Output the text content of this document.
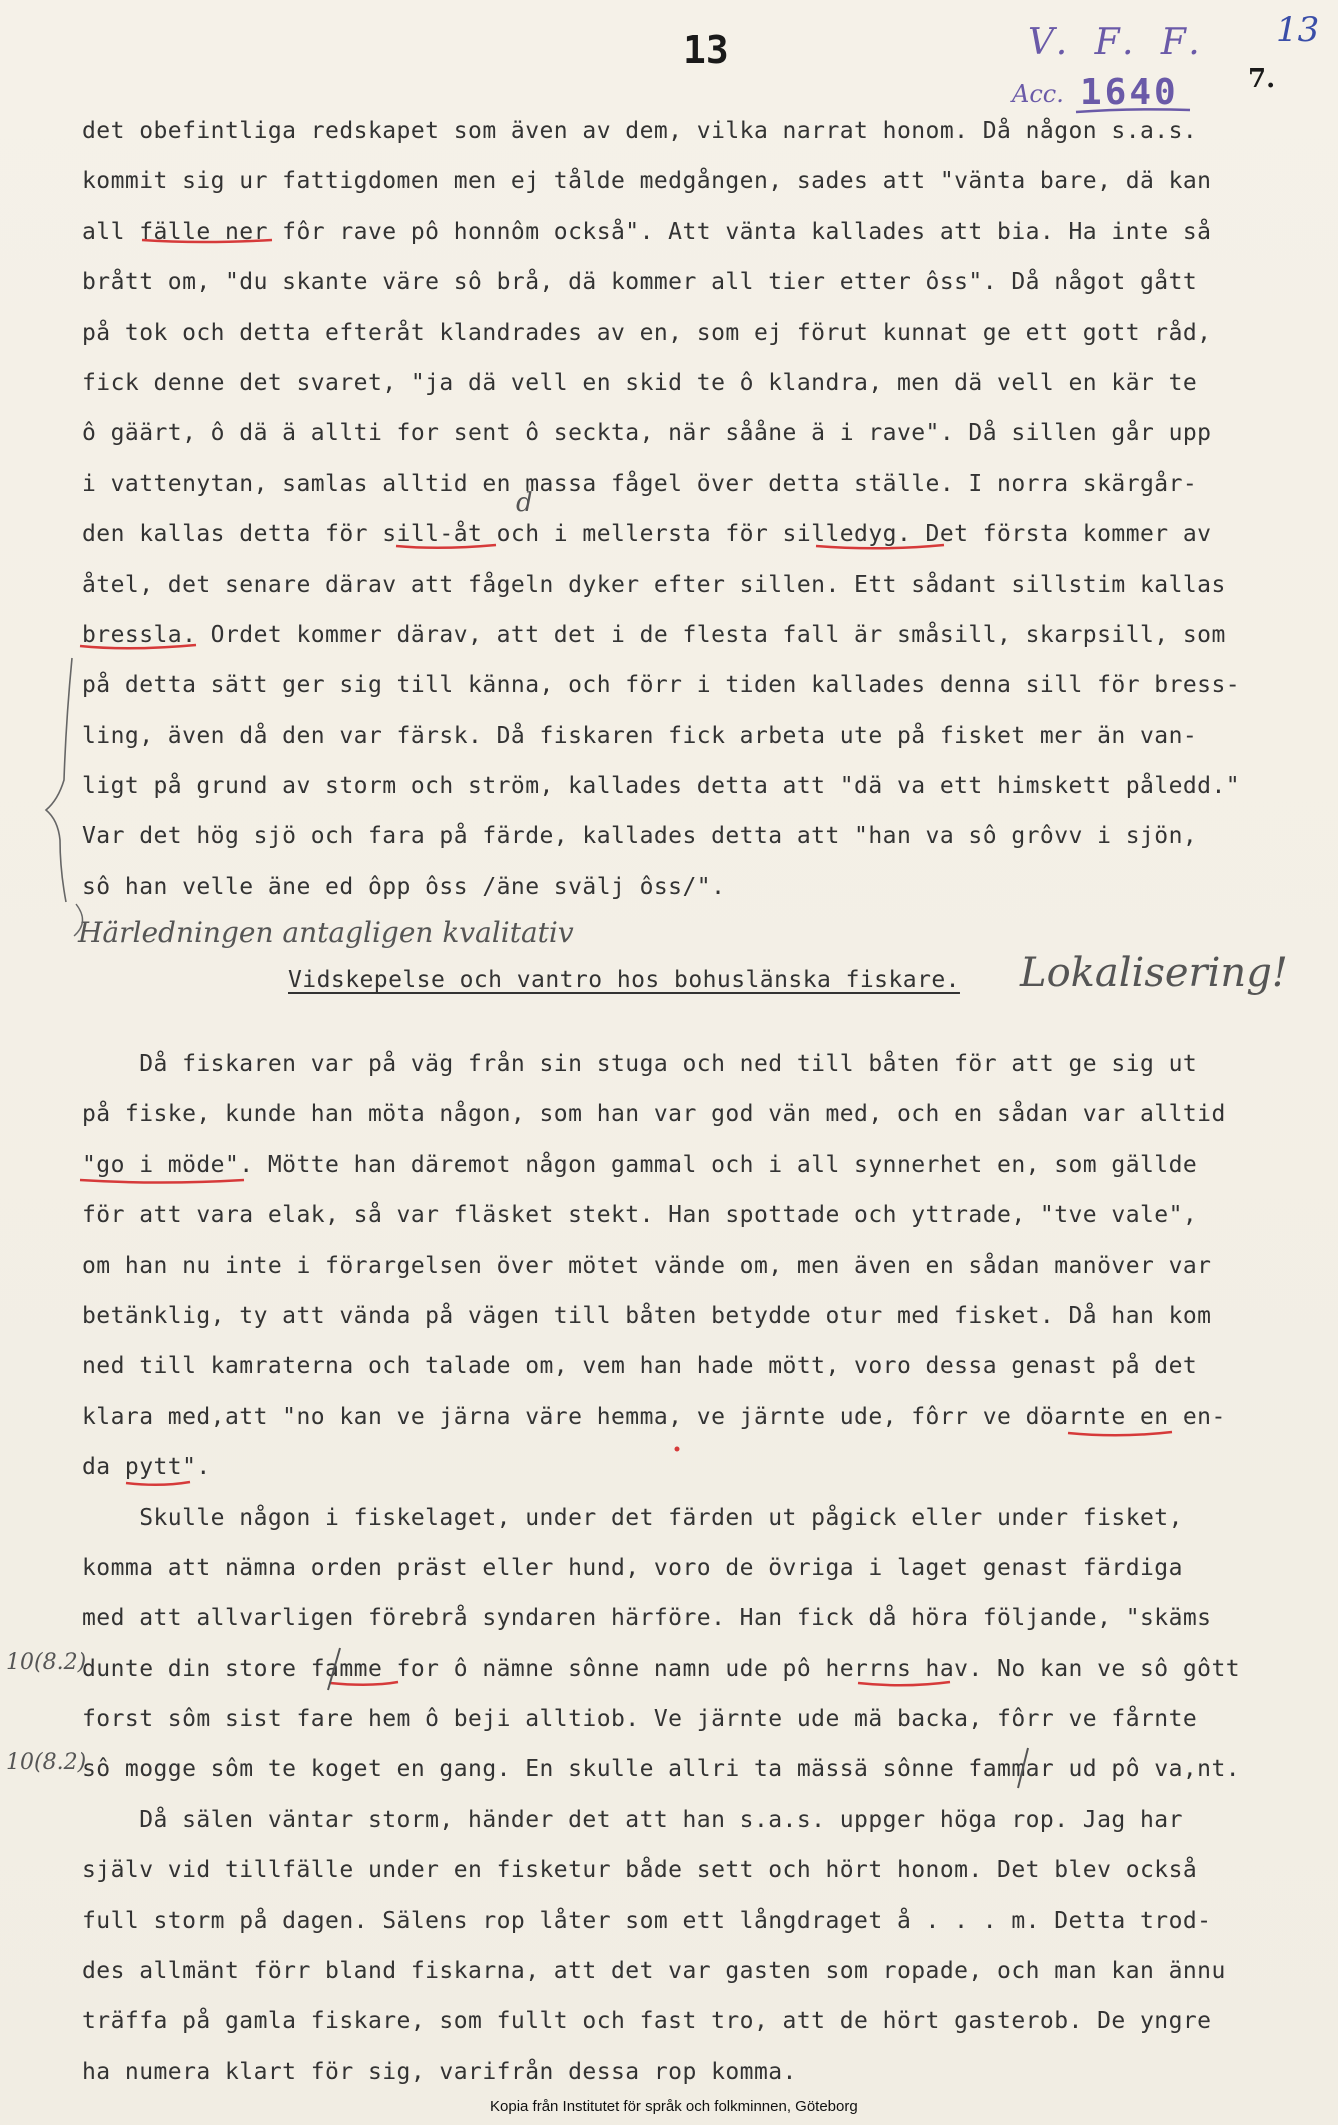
13	V. F. F.
Acc. 1640
13
7.
det obefintliga redskapet som även av dem, vilka narrat honom. Då någon s.a.s.
kommit sig ur fattigdomen men ej tålde medgången, sades att "vänta bare, dä kan
all fälle ner fôr rave pô honnôm också". Att vänta kallades att bia. Ha inte så
brått om, "du skante väre sô brå, dä kommer all tier etter ôss". Då något gått
på tok och detta efteråt klandrades av en, som ej förut kunnat ge ett gott råd,
fick denne det svaret, "ja dä vell en skid te ô klandra, men dä vell en kär te
ô gäärt, ô dä ä allti for sent ô seckta, när sååne ä i rave". Då sillen går upp
i vattenytan, samlas alltid en massa fågel över detta ställe. I norra skärgår-
den kallas detta för sill-åt och i mellersta för silledyg. Det första kommer av
åtel, det senare därav att fågeln dyker efter sillen. Ett sådant sillstim kallas
bressla. Ordet kommer därav, att det i de flesta fall är småsill, skarpsill, som
på detta sätt ger sig till känna, och förr i tiden kallades denna sill för bress-
ling, även då den var färsk. Då fiskaren fick arbeta ute på fisket mer än van-
ligt på grund av storm och ström, kallades detta att "dä va ett himskett påledd."
Var det hög sjö och fara på färde, kallades detta att "han va sô grôvv i sjön,
sô han velle äne ed ôpp ôss /äne svälj ôss/".
Härledningen antagligen kvalitativ
Lokalisering!
d
10(8.2)
10(8.2)
Vidskepelse och vantro hos bohuslänska fiskare.
Då fiskaren var på väg från sin stuga och ned till båten för att ge sig ut
på fiske, kunde han möta någon, som han var god vän med, och en sådan var alltid
"go i möde". Mötte han däremot någon gammal och i all synnerhet en, som gällde
för att vara elak, så var fläsket stekt. Han spottade och yttrade, "tve vale",
om han nu inte i förargelsen över mötet vände om, men även en sådan manöver var
betänklig, ty att vända på vägen till båten betydde otur med fisket. Då han kom
ned till kamraterna och talade om, vem han hade mött, voro dessa genast på det
klara med,att "no kan ve järna väre hemma, ve järnte ude, fôrr ve döarnte en en-
da pytt".
Skulle någon i fiskelaget, under det färden ut pågick eller under fisket,
komma att nämna orden präst eller hund, voro de övriga i laget genast färdiga
med att allvarligen förebrå syndaren härföre. Han fick då höra följande, "skäms
dunte din store famme for ô nämne sônne namn ude pô herrns hav. No kan ve sô gôtt
forst sôm sist fare hem ô beji alltiob. Ve järnte ude mä backa, fôrr ve fårnte
sô mogge sôm te koget en gang. En skulle allri ta mässä sônne fammar ud pô va,nt.
Då sälen väntar storm, händer det att han s.a.s. uppger höga rop. Jag har
själv vid tillfälle under en fisketur både sett och hört honom. Det blev också
full storm på dagen. Sälens rop låter som ett långdraget å . . . m. Detta trod-
des allmänt förr bland fiskarna, att det var gasten som ropade, och man kan ännu
träffa på gamla fiskare, som fullt och fast tro, att de hört gasterob. De yngre
ha numera klart för sig, varifrån dessa rop komma.
Kopia från Institutet för språk och folkminnen, Göteborg
